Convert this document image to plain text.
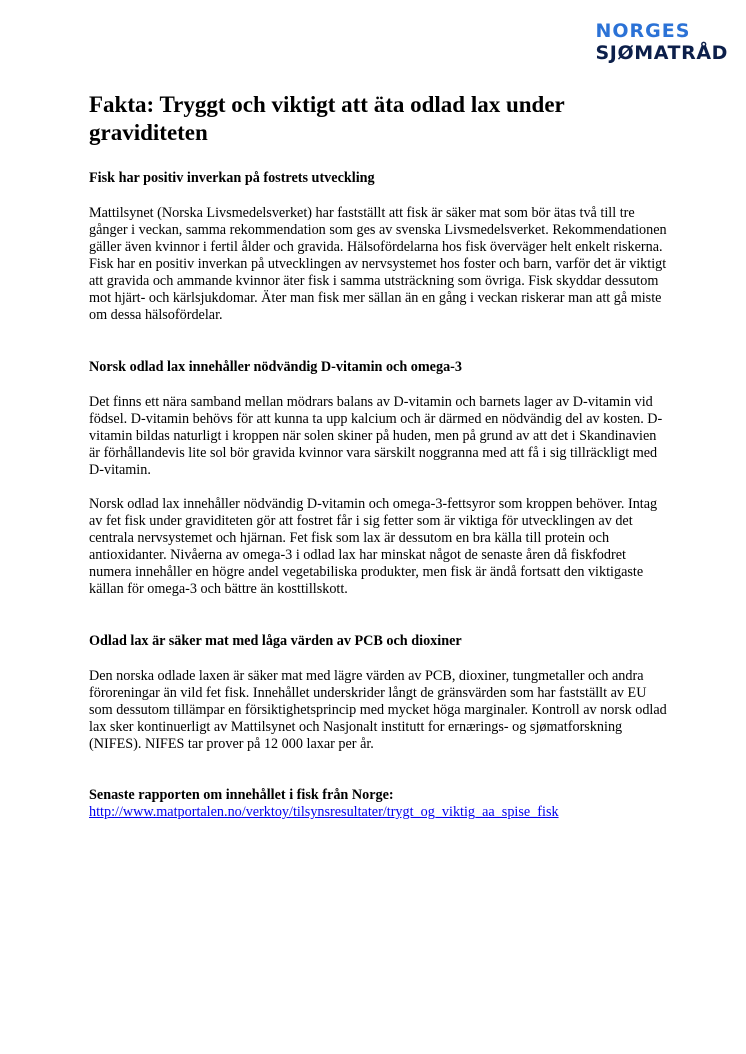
NORGES
SJØMATRÅD
Fakta: Tryggt och viktigt att äta odlad lax under graviditeten
Fisk har positiv inverkan på fostrets utveckling

Mattilsynet (Norska Livsmedelsverket) har fastställt att fisk är säker mat som bör ätas två till tre gånger i veckan, samma rekommendation som ges av svenska Livsmedelsverket. Rekommendationen gäller även kvinnor i fertil ålder och gravida. Hälsofördelarna hos fisk överväger helt enkelt riskerna. Fisk har en positiv inverkan på utvecklingen av nervsystemet hos foster och barn, varför det är viktigt att gravida och ammande kvinnor äter fisk i samma utsträckning som övriga. Fisk skyddar dessutom mot hjärt- och kärlsjukdomar. Äter man fisk mer sällan än en gång i veckan riskerar man att gå miste om dessa hälsofördelar.

Norsk odlad lax innehåller nödvändig D-vitamin och omega-3

Det finns ett nära samband mellan mödrars balans av D-vitamin och barnets lager av D-vitamin vid födsel. D-vitamin behövs för att kunna ta upp kalcium och är därmed en nödvändig del av kosten. D-vitamin bildas naturligt i kroppen när solen skiner på huden, men på grund av att det i Skandinavien är förhållandevis lite sol bör gravida kvinnor vara särskilt noggranna med att få i sig tillräckligt med D-vitamin.

Norsk odlad lax innehåller nödvändig D-vitamin och omega-3-fettsyror som kroppen behöver. Intag av fet fisk under graviditeten gör att fostret får i sig fetter som är viktiga för utvecklingen av det centrala nervsystemet och hjärnan. Fet fisk som lax är dessutom en bra källa till protein och antioxidanter. Nivåerna av omega-3 i odlad lax har minskat något de senaste åren då fiskfodret numera innehåller en högre andel vegetabiliska produkter, men fisk är ändå fortsatt den viktigaste källan för omega-3 och bättre än kosttillskott.

Odlad lax är säker mat med låga värden av PCB och dioxiner

Den norska odlade laxen är säker mat med lägre värden av PCB, dioxiner, tungmetaller och andra föroreningar än vild fet fisk. Innehållet underskrider långt de gränsvärden som har fastställt av EU som dessutom tillämpar en försiktighetsprincip med mycket höga marginaler. Kontroll av norsk odlad lax sker kontinuerligt av Mattilsynet och Nasjonalt institutt for ernærings- og sjømatforskning (NIFES). NIFES tar prover på 12 000 laxar per år.

Senaste rapporten om innehållet i fisk från Norge:

http://www.matportalen.no/verktoy/tilsynsresultater/trygt_og_viktig_aa_spise_fisk
